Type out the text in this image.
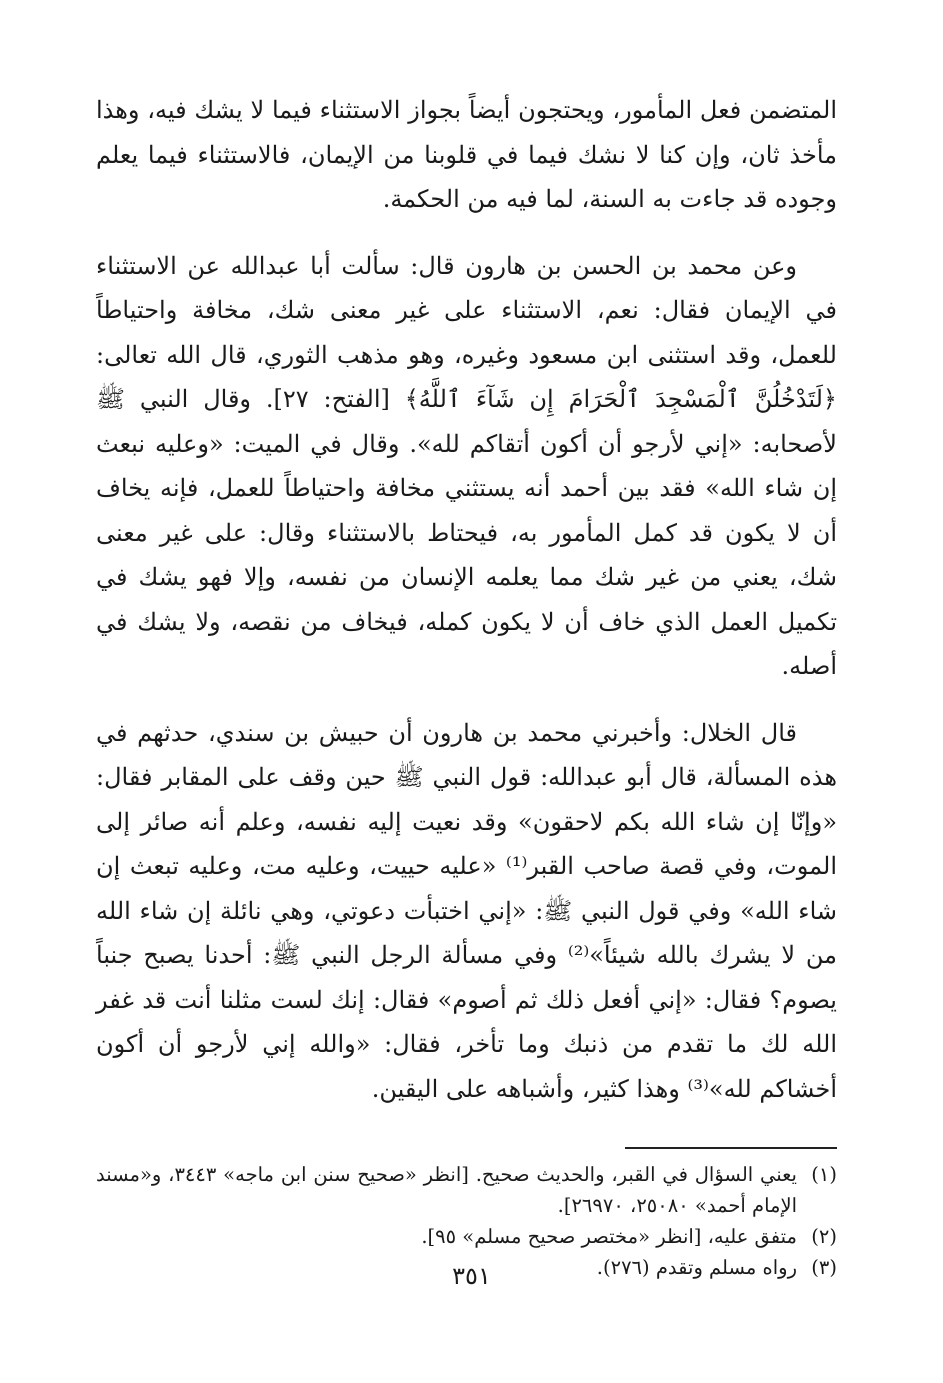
المتضمن فعل المأمور، ويحتجون أيضاً بجواز الاستثناء فيما لا يشك فيه، وهذا مأخذ ثان، وإن كنا لا نشك فيما في قلوبنا من الإيمان، فالاستثناء فيما يعلم وجوده قد جاءت به السنة، لما فيه من الحكمة.

وعن محمد بن الحسن بن هارون قال: سألت أبا عبدالله عن الاستثناء في الإيمان فقال: نعم، الاستثناء على غير معنى شك، مخافة واحتياطاً للعمل، وقد استثنى ابن مسعود وغيره، وهو مذهب الثوري، قال الله تعالى: ﴿لَتَدْخُلُنَّ ٱلْمَسْجِدَ ٱلْحَرَامَ إِن شَآءَ ٱللَّهُ﴾ [الفتح: ٢٧]. وقال النبي ﷺ لأصحابه: «إني لأرجو أن أكون أتقاكم لله». وقال في الميت: «وعليه نبعث إن شاء الله» فقد بين أحمد أنه يستثني مخافة واحتياطاً للعمل، فإنه يخاف أن لا يكون قد كمل المأمور به، فيحتاط بالاستثناء وقال: على غير معنى شك، يعني من غير شك مما يعلمه الإنسان من نفسه، وإلا فهو يشك في تكميل العمل الذي خاف أن لا يكون كمله، فيخاف من نقصه، ولا يشك في أصله.

قال الخلال: وأخبرني محمد بن هارون أن حبيش بن سندي، حدثهم في هذه المسألة، قال أبو عبدالله: قول النبي ﷺ حين وقف على المقابر فقال: «وإنّا إن شاء الله بكم لاحقون» وقد نعيت إليه نفسه، وعلم أنه صائر إلى الموت، وفي قصة صاحب القبر⁽¹⁾ «عليه حييت، وعليه مت، وعليه تبعث إن شاء الله» وفي قول النبي ﷺ: «إني اختبأت دعوتي، وهي نائلة إن شاء الله من لا يشرك بالله شيئاً»⁽²⁾ وفي مسألة الرجل النبي ﷺ: أحدنا يصبح جنباً يصوم؟ فقال: «إني أفعل ذلك ثم أصوم» فقال: إنك لست مثلنا أنت قد غفر الله لك ما تقدم من ذنبك وما تأخر، فقال: «والله إني لأرجو أن أكون أخشاكم لله»⁽³⁾ وهذا كثير، وأشباهه على اليقين.

(١)
يعني السؤال في القبر، والحديث صحيح. [انظر «صحيح سنن ابن ماجه» ٣٤٤٣، و«مسند الإمام أحمد» ٢٥٠٨٠، ٢٦٩٧٠].
(٢)
متفق عليه، [انظر «مختصر صحيح مسلم» ٩٥].
(٣)
رواه مسلم وتقدم (٢٧٦).
٣٥١
